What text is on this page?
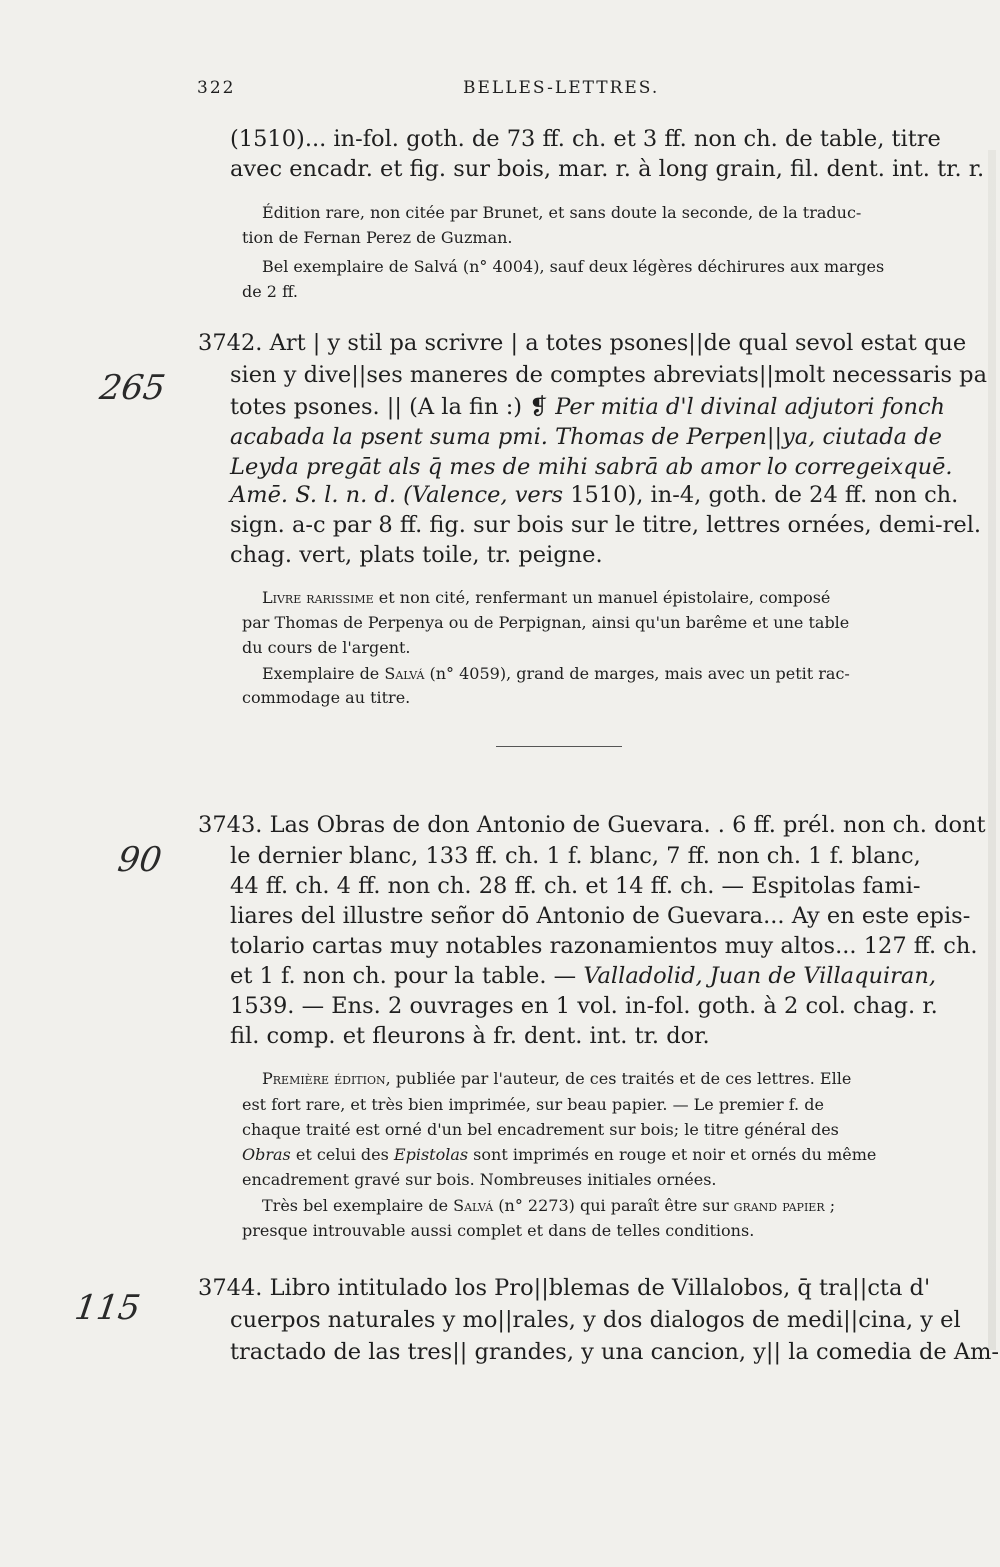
322	BELLES-LETTRES.
(1510)... in-fol. goth. de 73 ff. ch. et 3 ff. non ch. de table, titre
avec encadr. et fig. sur bois, mar. r. à long grain, fil. dent. int. tr. r.
Édition rare, non citée par Brunet, et sans doute la seconde, de la traduc-
tion de Fernan Perez de Guzman.
Bel exemplaire de Salvá (n° 4004), sauf deux légères déchirures aux marges
de 2 ff.
265
90
115
3742. Art | y stil pa scrivre | a totes psones||de qual sevol estat que
sien y dive||ses maneres de comptes abreviats||molt necessaris pa
totes psones. || (A la fin :) ❡ Per mitia d'l divinal adjutori fonch
acabada la psent suma pmi. Thomas de Perpen||ya, ciutada de
Leyda pregāt als q̄ mes de mihi sabrā ab amor lo corregeixquē.
Amē. S. l. n. d. (Valence, vers 1510), in-4, goth. de 24 ff. non ch.
sign. a-c par 8 ff. fig. sur bois sur le titre, lettres ornées, demi-rel.
chag. vert, plats toile, tr. peigne.
Livre rarissime et non cité, renfermant un manuel épistolaire, composé
par Thomas de Perpenya ou de Perpignan, ainsi qu'un barême et une table
du cours de l'argent.
Exemplaire de Salvá (n° 4059), grand de marges, mais avec un petit rac-
commodage au titre.
3743. Las Obras de don Antonio de Guevara. . 6 ff. prél. non ch. dont
le dernier blanc, 133 ff. ch. 1 f. blanc, 7 ff. non ch. 1 f. blanc,
44 ff. ch. 4 ff. non ch. 28 ff. ch. et 14 ff. ch. — Espitolas fami-
liares del illustre señor dō Antonio de Guevara... Ay en este epis-
tolario cartas muy notables razonamientos muy altos... 127 ff. ch.
et 1 f. non ch. pour la table. — Valladolid, Juan de Villaquiran,
1539. — Ens. 2 ouvrages en 1 vol. in-fol. goth. à 2 col. chag. r.
fil. comp. et fleurons à fr. dent. int. tr. dor.
Première édition, publiée par l'auteur, de ces traités et de ces lettres. Elle
est fort rare, et très bien imprimée, sur beau papier. — Le premier f. de
chaque traité est orné d'un bel encadrement sur bois; le titre général des
Obras et celui des Epistolas sont imprimés en rouge et noir et ornés du même
encadrement gravé sur bois. Nombreuses initiales ornées.
Très bel exemplaire de Salvá (n° 2273) qui paraît être sur grand papier ;
presque introuvable aussi complet et dans de telles conditions.
3744. Libro intitulado los Pro||blemas de Villalobos, q̄ tra||cta d'
cuerpos naturales y mo||rales, y dos dialogos de medi||cina, y el
tractado de las tres|| grandes, y una cancion, y|| la comedia de Am-
